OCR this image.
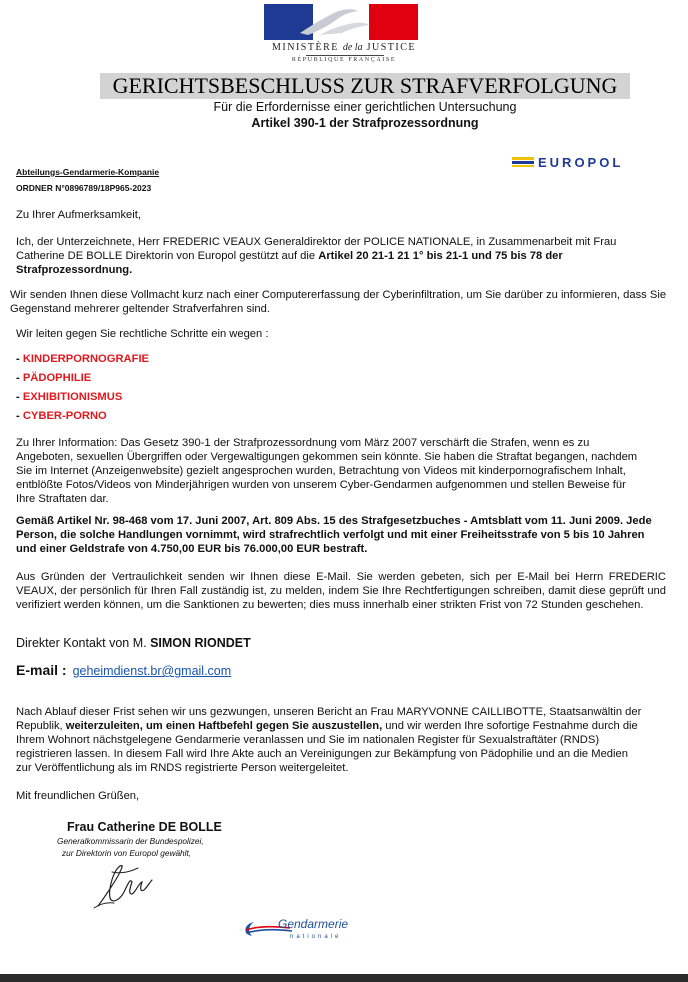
MINISTÈRE de la JUSTICE
RÉPUBLIQUE FRANÇAISE
GERICHTSBESCHLUSS ZUR STRAFVERFOLGUNG
Für die Erfordernisse einer gerichtlichen Untersuchung
Artikel 390-1 der Strafprozessordnung
EUROPOL
Abteilungs-Gendarmerie-Kompanie
ORDNER N°0896789/18P965-2023
Zu Ihrer Aufmerksamkeit,
Ich, der Unterzeichnete, Herr FREDERIC VEAUX Generaldirektor der POLICE NATIONALE, in Zusammenarbeit mit Frau Catherine DE BOLLE Direktorin von Europol gestützt auf die Artikel 20 21-1 21 1° bis 21-1 und 75 bis 78 der Strafprozessordnung.
Wir senden Ihnen diese Vollmacht kurz nach einer Computererfassung der Cyberinfiltration, um Sie darüber zu informieren, dass Sie Gegenstand mehrerer geltender Strafverfahren sind.
Wir leiten gegen Sie rechtliche Schritte ein wegen :
- KINDERPORNOGRAFIE
- PÄDOPHILIE
- EXHIBITIONISMUS
- CYBER-PORNO
Zu Ihrer Information: Das Gesetz 390-1 der Strafprozessordnung vom März 2007 verschärft die Strafen, wenn es zu Angeboten, sexuellen Übergriffen oder Vergewaltigungen gekommen sein könnte. Sie haben die Straftat begangen, nachdem Sie im Internet (Anzeigenwebsite) gezielt angesprochen wurden, Betrachtung von Videos mit kinderpornografischem Inhalt, entblößte Fotos/Videos von Minderjährigen wurden von unserem Cyber-Gendarmen aufgenommen und stellen Beweise für Ihre Straftaten dar.
Gemäß Artikel Nr. 98-468 vom 17. Juni 2007, Art. 809 Abs. 15 des Strafgesetzbuches - Amtsblatt vom 11. Juni 2009. Jede Person, die solche Handlungen vornimmt, wird strafrechtlich verfolgt und mit einer Freiheitsstrafe von 5 bis 10 Jahren und einer Geldstrafe von 4.750,00 EUR bis 76.000,00 EUR bestraft.
Aus Gründen der Vertraulichkeit senden wir Ihnen diese E-Mail. Sie werden gebeten, sich per E-Mail bei Herrn FREDERIC VEAUX, der persönlich für Ihren Fall zuständig ist, zu melden, indem Sie Ihre Rechtfertigungen schreiben, damit diese geprüft und verifiziert werden können, um die Sanktionen zu bewerten; dies muss innerhalb einer strikten Frist von 72 Stunden geschehen.
Direkter Kontakt von M. SIMON RIONDET
E-mail : geheimdienst.br@gmail.com
Nach Ablauf dieser Frist sehen wir uns gezwungen, unseren Bericht an Frau MARYVONNE CAILLIBOTTE, Staatsanwältin der Republik, weiterzuleiten, um einen Haftbefehl gegen Sie auszustellen, und wir werden Ihre sofortige Festnahme durch die Ihrem Wohnort nächstgelegene Gendarmerie veranlassen und Sie im nationalen Register für Sexualstraftäter (RNDS) registrieren lassen. In diesem Fall wird Ihre Akte auch an Vereinigungen zur Bekämpfung von Pädophilie und an die Medien zur Veröffentlichung als im RNDS registrierte Person weitergeleitet.
Mit freundlichen Grüßen,
Frau Catherine DE BOLLE
Generalkommissarin der Bundespolizei,
zur Direktorin von Europol gewählt,
Gendarmerie
nationale
